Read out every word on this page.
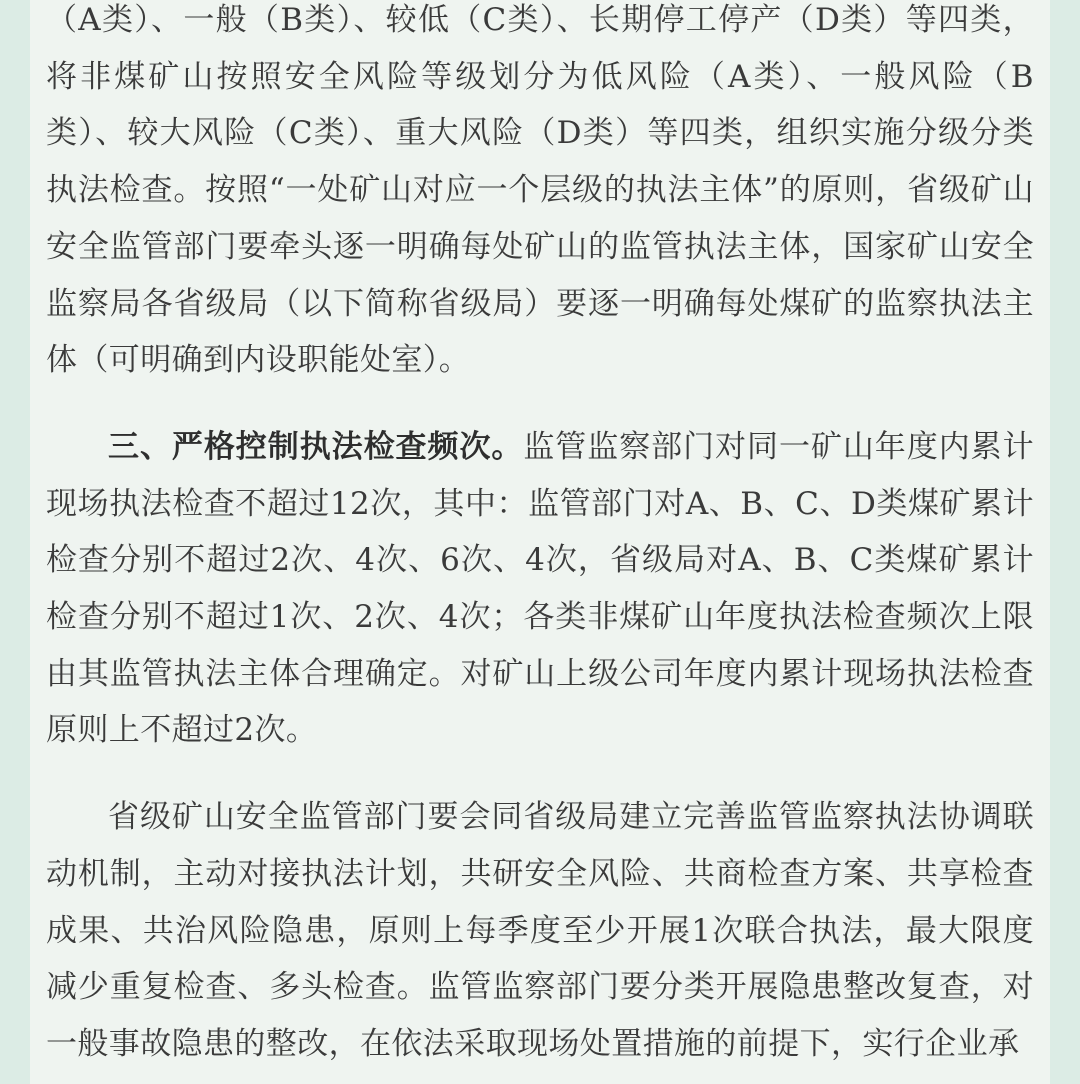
（A类）、一般（B类）、较低（C类）、长期停工停产（D类）等四类，将非煤矿山按照安全风险等级划分为低风险（A类）、一般风险（B类）、较大风险（C类）、重大风险（D类）等四类，组织实施分级分类执法检查。按照“一处矿山对应一个层级的执法主体”的原则，省级矿山安全监管部门要牵头逐一明确每处矿山的监管执法主体，国家矿山安全监察局各省级局（以下简称省级局）要逐一明确每处煤矿的监察执法主体（可明确到内设职能处室）。

三、严格控制执法检查频次。监管监察部门对同一矿山年度内累计现场执法检查不超过12次，其中：监管部门对A、B、C、D类煤矿累计检查分别不超过2次、4次、6次、4次，省级局对A、B、C类煤矿累计检查分别不超过1次、2次、4次；各类非煤矿山年度执法检查频次上限由其监管执法主体合理确定。对矿山上级公司年度内累计现场执法检查原则上不超过2次。

省级矿山安全监管部门要会同省级局建立完善监管监察执法协调联动机制，主动对接执法计划，共研安全风险、共商检查方案、共享检查成果、共治风险隐患，原则上每季度至少开展1次联合执法，最大限度减少重复检查、多头检查。监管监察部门要分类开展隐患整改复查，对一般事故隐患的整改，在依法采取现场处置措施的前提下，实行企业承
